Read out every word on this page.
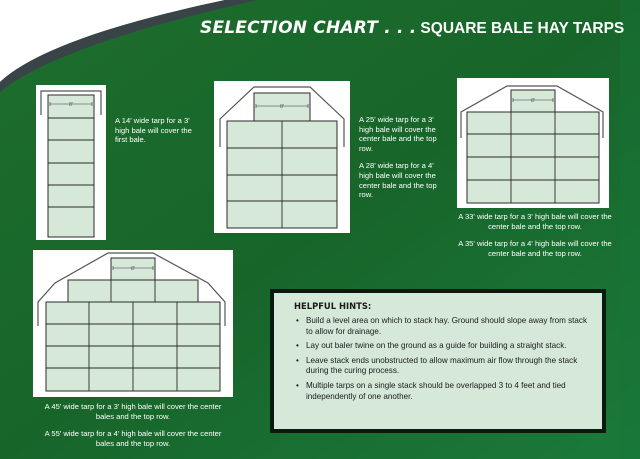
SELECTION CHART . . . SQUARE BALE HAY TARPS
8'

A 14' wide tarp for a 3' high bale will cover the first bale.

8'

A 25' wide tarp for a 3' high bale will cover the center bale and the top row.

A 28' wide tarp for a 4' high bale will cover the center bale and the top row.

8'

A 33' wide tarp for a 3' high bale will cover the center bale and the top row.

A 35' wide tarp for a 4' high bale will cover the center bale and the top row.

8'

A 45' wide tarp for a 3' high bale will cover the center bales and the top row.

A 55' wide tarp for a 4' high bale will cover the center bales and the top row.

HELPFUL HINTS:
• Build a level area on which to stack hay. Ground should slope away from stack to allow for drainage.
• Lay out baler twine on the ground as a guide for building a straight stack.
• Leave stack ends unobstructed to allow maximum air flow through the stack during the curing process.
• Multiple tarps on a single stack should be overlapped 3 to 4 feet and tied independently of one another.
